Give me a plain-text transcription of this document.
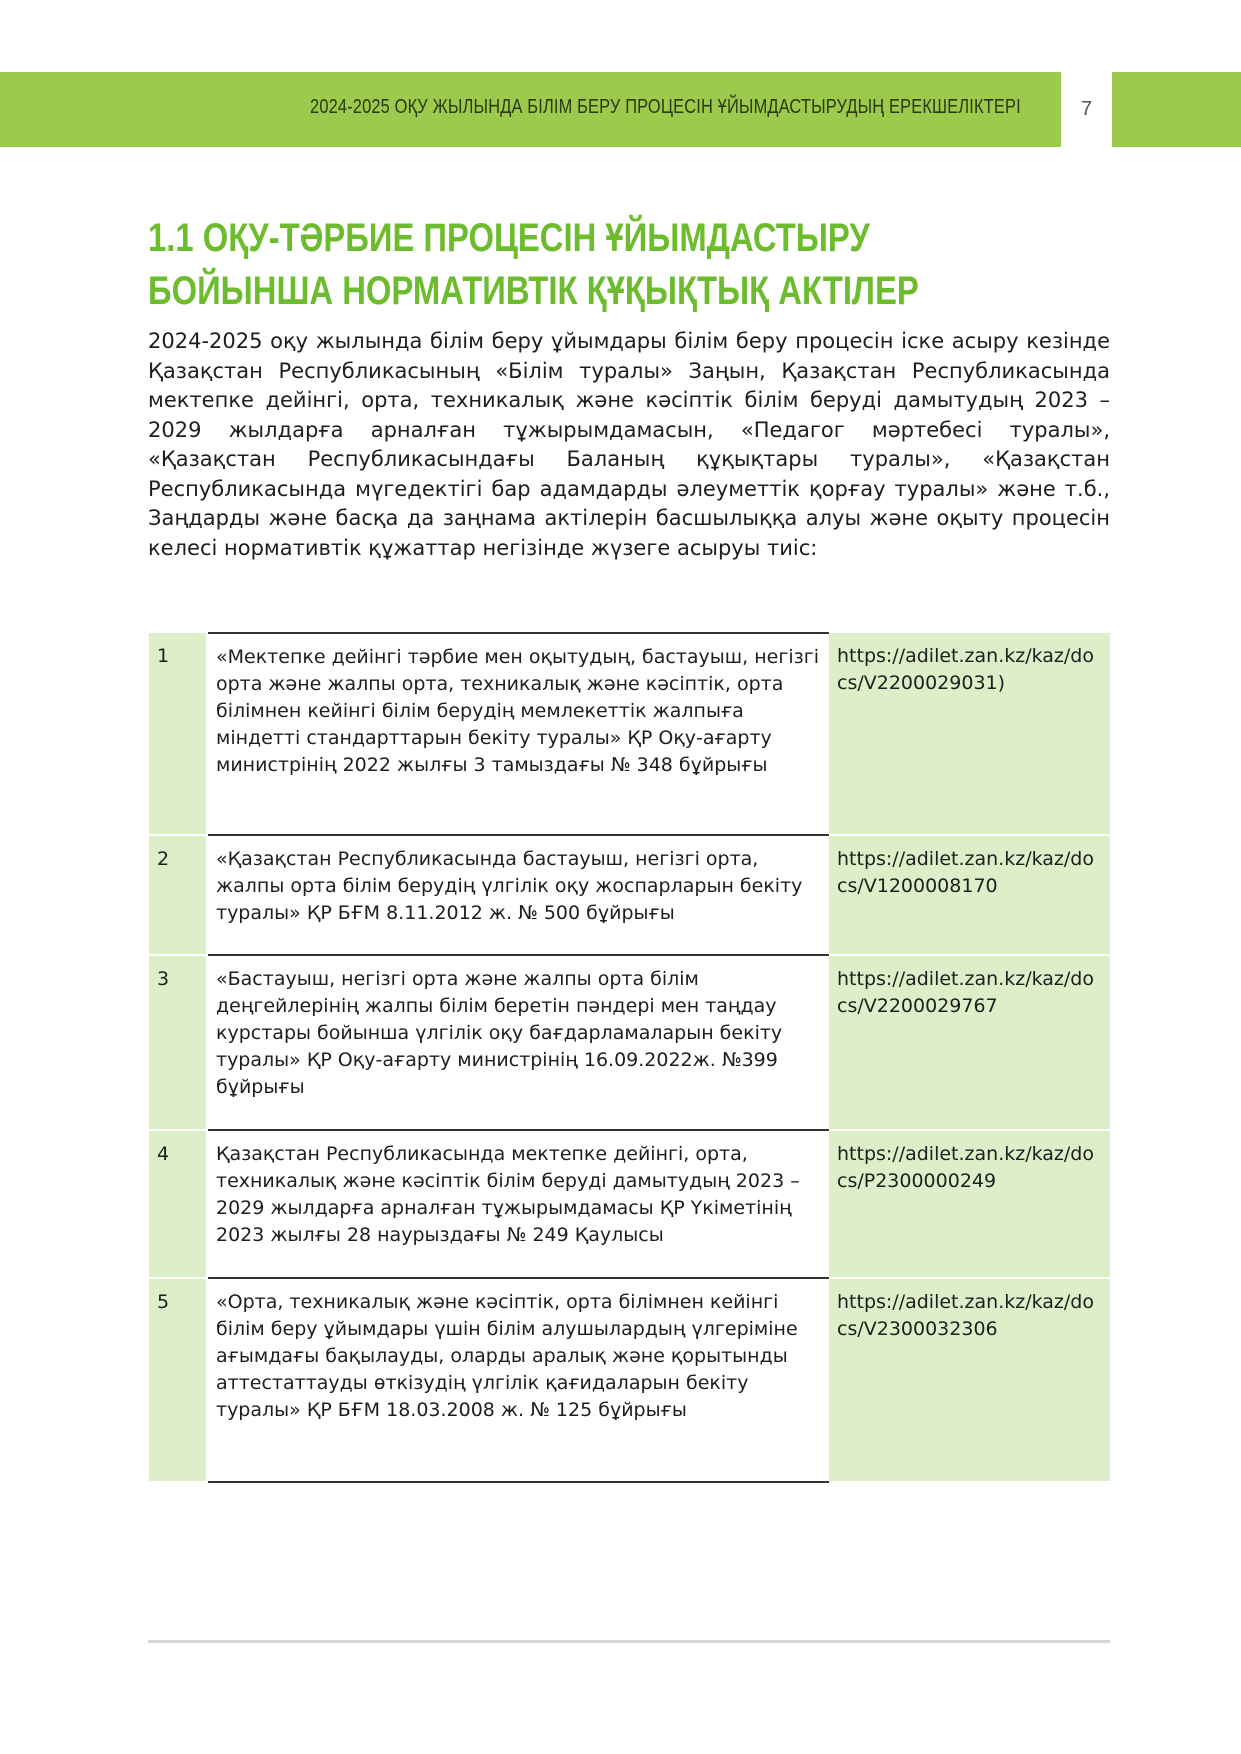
2024-2025 ОҚУ ЖЫЛЫНДА БІЛІМ БЕРУ ПРОЦЕСІН ҰЙЫМДАСТЫРУДЫҢ ЕРЕКШЕЛІКТЕРІ	7
1.1 ОҚУ-ТӘРБИЕ ПРОЦЕСІН ҰЙЫМДАСТЫРУ БОЙЫНША НОРМАТИВТІК ҚҰҚЫҚТЫҚ АКТІЛЕР

2024-2025 оқу жылында білім беру ұйымдары білім беру процесін іске асыру кезінде Қазақстан Республикасының «Білім туралы» Заңын, Қазақстан Республикасында мектепке дейінгі, орта, техникалық және кәсіптік білім беруді дамытудың 2023 – 2029 жылдарға арналған тұжырымдамасын, «Педагог мәртебесі туралы», «Қазақстан Республикасындағы Баланың құқықтары туралы», «Қазақстан Республикасында мүгедектігі бар адамдарды әлеуметтік қорғау туралы» және т.б., Заңдарды және басқа да заңнама актілерін басшылыққа алуы және оқыту процесін келесі нормативтік құжаттар негізінде жүзеге асыруы тиіс:

1	«Мектепке дейінгі тәрбие мен оқытудың, бастауыш, негізгі орта және жалпы орта, техникалық және кәсіптік, орта білімнен кейінгі білім берудің мемлекеттік жалпыға міндетті стандарттарын бекіту туралы» ҚР Оқу-ағарту министрінің 2022 жылғы 3 тамыздағы № 348 бұйрығы	https://adilet.zan.kz/kaz/docs/V2200029031)
2	«Қазақстан Республикасында бастауыш, негізгі орта, жалпы орта білім берудің үлгілік оқу жоспарларын бекіту туралы» ҚР БҒМ 8.11.2012 ж. № 500 бұйрығы	https://adilet.zan.kz/kaz/docs/V1200008170
3	«Бастауыш, негізгі орта және жалпы орта білім деңгейлерінің жалпы білім беретін пәндері мен таңдау курстары бойынша үлгілік оқу бағдарламаларын бекіту туралы» ҚР Оқу-ағарту министрінің 16.09.2022ж. №399 бұйрығы	https://adilet.zan.kz/kaz/docs/V2200029767
4	Қазақстан Республикасында мектепке дейінгі, орта, техникалық және кәсіптік білім беруді дамытудың 2023 – 2029 жылдарға арналған тұжырымдамасы ҚР Үкіметінің 2023 жылғы 28 наурыздағы № 249 Қаулысы	https://adilet.zan.kz/kaz/docs/P2300000249
5	«Орта, техникалық және кәсіптік, орта білімнен кейінгі білім беру ұйымдары үшін білім алушылардың үлгеріміне ағымдағы бақылауды, оларды аралық және қорытынды аттестаттауды өткізудің үлгілік қағидаларын бекіту туралы» ҚР БҒМ 18.03.2008 ж. № 125 бұйрығы	https://adilet.zan.kz/kaz/docs/V2300032306
